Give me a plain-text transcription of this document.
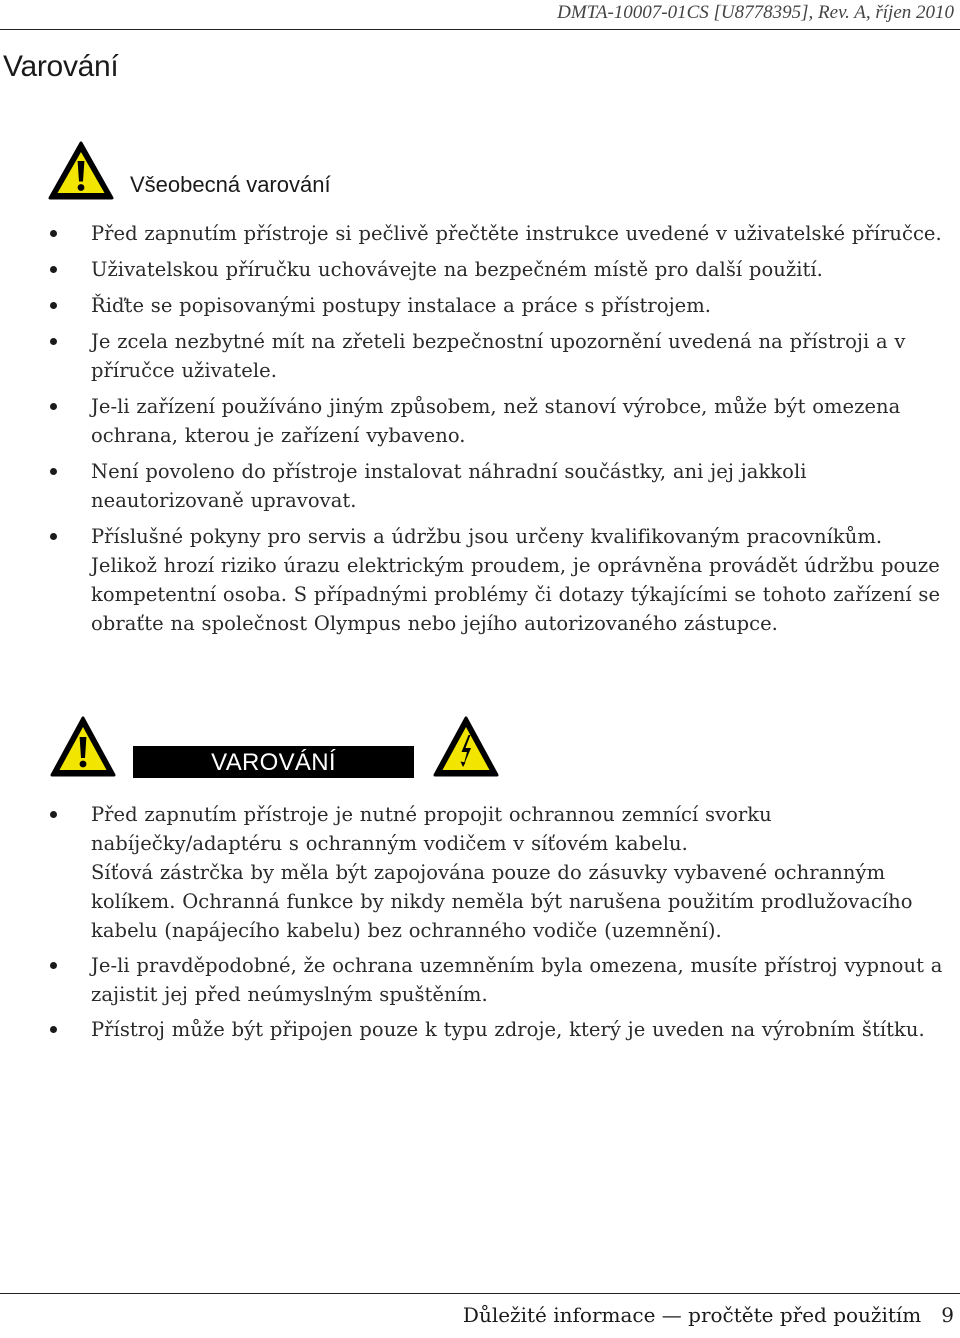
DMTA-10007-01CS [U8778395], Rev. A, říjen 2010
Varování
Všeobecná varování
Před zapnutím přístroje si pečlivě přečtěte instrukce uvedené v uživatelské příručce.
Uživatelskou příručku uchovávejte na bezpečném místě pro další použití.
Řiďte se popisovanými postupy instalace a práce s přístrojem.
Je zcela nezbytné mít na zřeteli bezpečnostní upozornění uvedená na přístroji a v příručce uživatele.
Je-li zařízení používáno jiným způsobem, než stanoví výrobce, může být omezena ochrana, kterou je zařízení vybaveno.
Není povoleno do přístroje instalovat náhradní součástky, ani jej jakkoli neautorizovaně upravovat.
Příslušné pokyny pro servis a údržbu jsou určeny kvalifikovaným pracovníkům. Jelikož hrozí riziko úrazu elektrickým proudem, je oprávněna provádět údržbu pouze kompetentní osoba. S případnými problémy či dotazy týkajícími se tohoto zařízení se obraťte na společnost Olympus nebo jejího autorizovaného zástupce.
VAROVÁNÍ
Před zapnutím přístroje je nutné propojit ochrannou zemnící svorku nabíječky/adaptéru s ochranným vodičem v síťovém kabelu.
Síťová zástrčka by měla být zapojována pouze do zásuvky vybavené ochranným kolíkem. Ochranná funkce by nikdy neměla být narušena použitím prodlužovacího kabelu (napájecího kabelu) bez ochranného vodiče (uzemnění).
Je-li pravděpodobné, že ochrana uzemněním byla omezena, musíte přístroj vypnout a zajistit jej před neúmyslným spuštěním.
Přístroj může být připojen pouze k typu zdroje, který je uveden na výrobním štítku.
Důležité informace — pročtěte před použitím 9
